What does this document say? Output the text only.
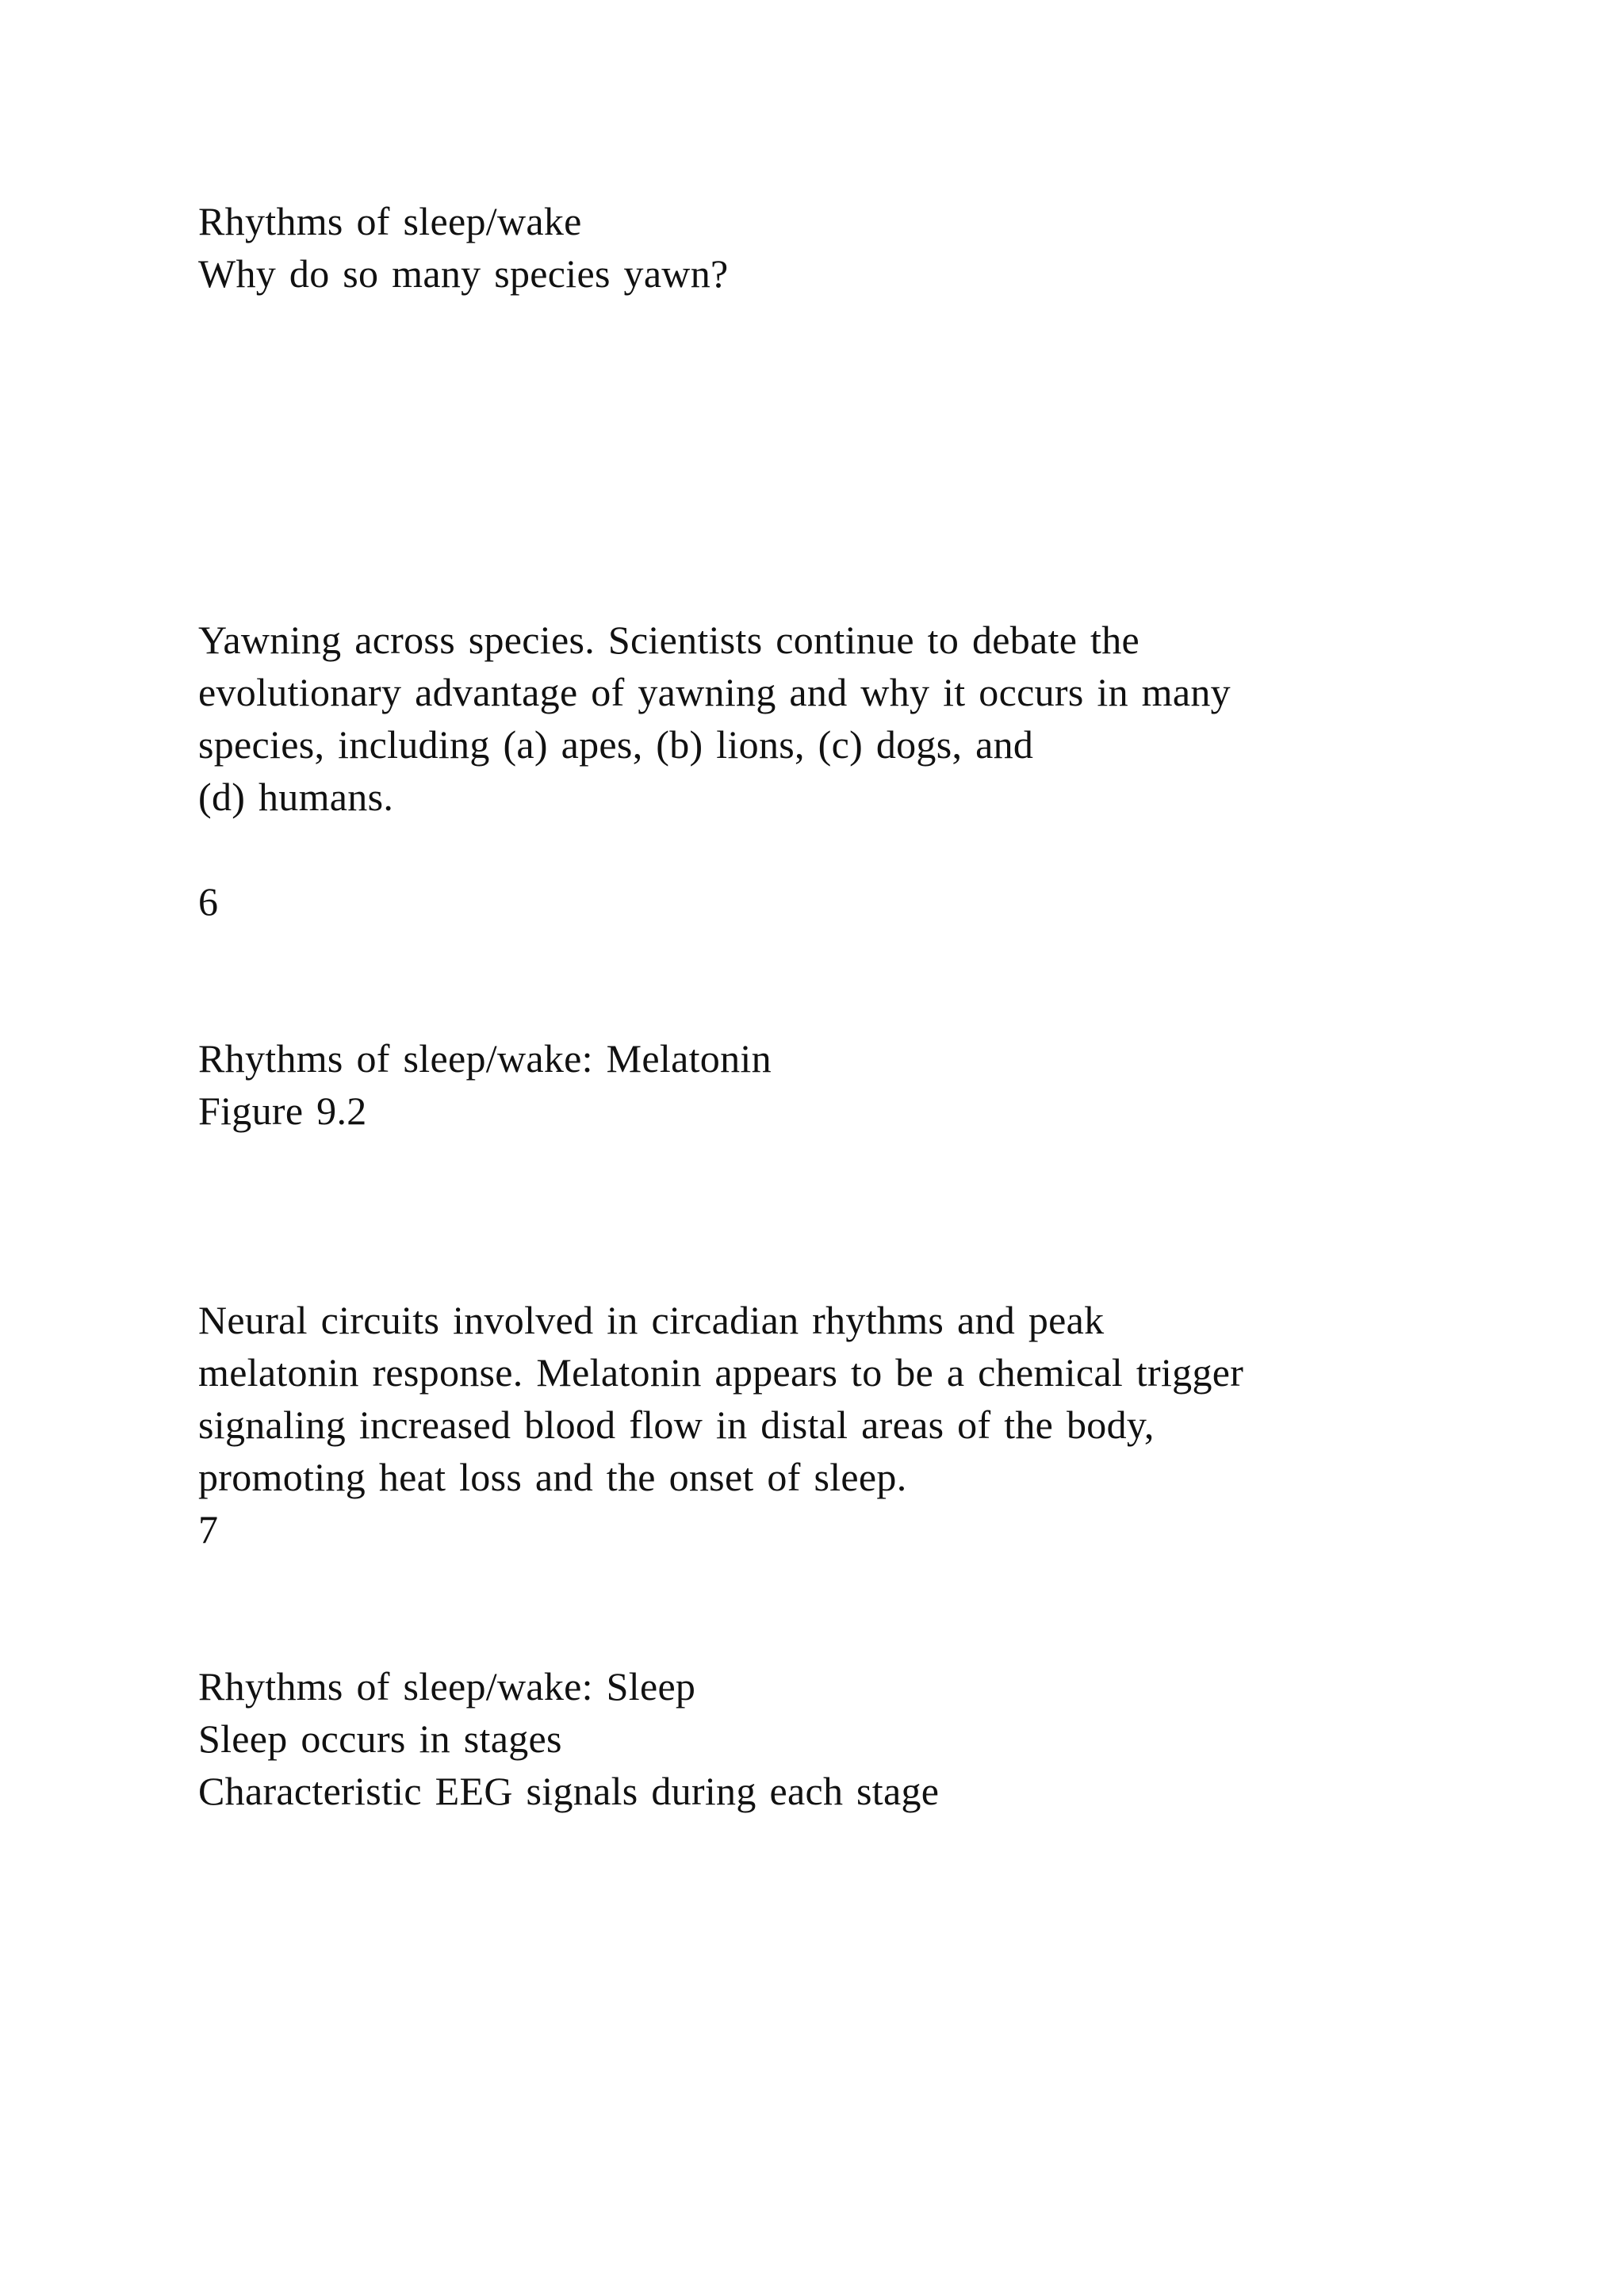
Rhythms of sleep/wake
Why do so many species yawn?
Yawning across species. Scientists continue to debate the
evolutionary advantage of yawning and why it occurs in many
species, including (a) apes, (b) lions, (c) dogs, and
(d) humans.
6
Rhythms of sleep/wake: Melatonin
Figure 9.2
Neural circuits involved in circadian rhythms and peak
melatonin response. Melatonin appears to be a chemical trigger
signaling increased blood flow in distal areas of the body,
promoting heat loss and the onset of sleep.
7
Rhythms of sleep/wake: Sleep
Sleep occurs in stages
Characteristic EEG signals during each stage
